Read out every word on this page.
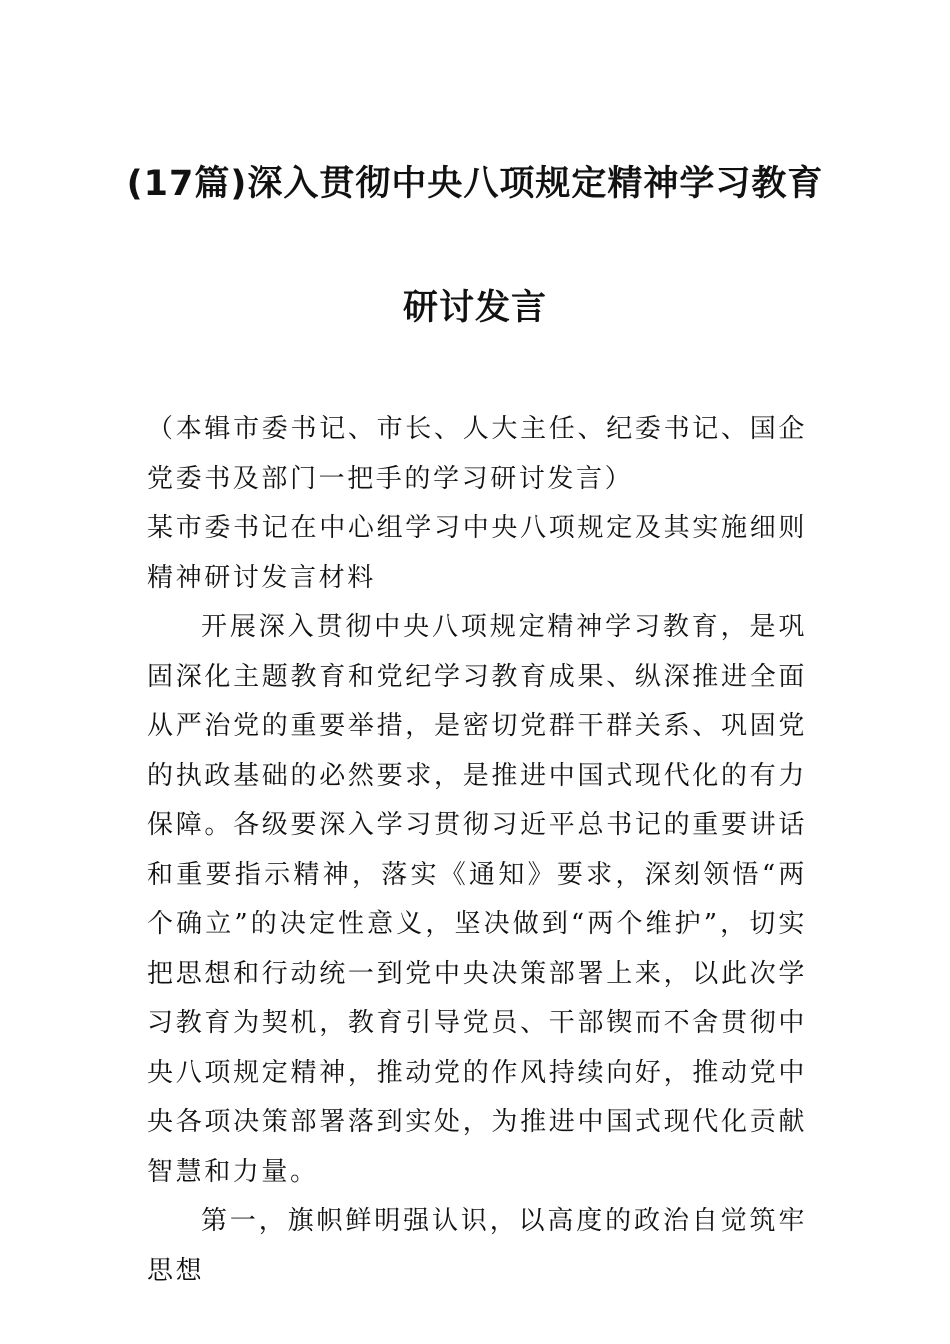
(17篇)深入贯彻中央八项规定精神学习教育
研讨发言

（本辑市委书记、市长、人大主任、纪委书记、国企党委书及部门一把手的学习研讨发言）

某市委书记在中心组学习中央八项规定及其实施细则精神研讨发言材料

开展深入贯彻中央八项规定精神学习教育，是巩固深化主题教育和党纪学习教育成果、纵深推进全面从严治党的重要举措，是密切党群干群关系、巩固党的执政基础的必然要求，是推进中国式现代化的有力保障。各级要深入学习贯彻习近平总书记的重要讲话和重要指示精神，落实《通知》要求，深刻领悟“两个确立”的决定性意义，坚决做到“两个维护”，切实把思想和行动统一到党中央决策部署上来，以此次学习教育为契机，教育引导党员、干部锲而不舍贯彻中央八项规定精神，推动党的作风持续向好，推动党中央各项决策部署落到实处，为推进中国式现代化贡献智慧和力量。

第一，旗帜鲜明强认识，以高度的政治自觉筑牢思想
